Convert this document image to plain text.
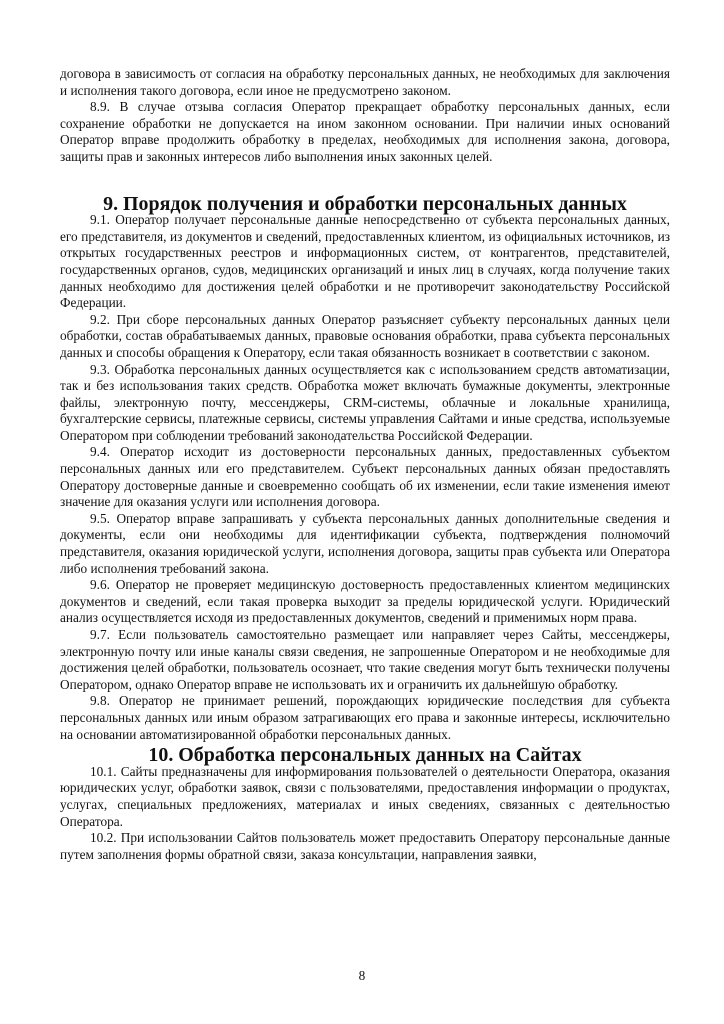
договора в зависимость от согласия на обработку персональных данных, не необходимых для заключения и исполнения такого договора, если иное не предусмотрено законом.

8.9. В случае отзыва согласия Оператор прекращает обработку персональных данных, если сохранение обработки не допускается на ином законном основании. При наличии иных оснований Оператор вправе продолжить обработку в пределах, необходимых для исполнения закона, договора, защиты прав и законных интересов либо выполнения иных законных целей.

9. Порядок получения и обработки персональных данных

9.1. Оператор получает персональные данные непосредственно от субъекта персональных данных, его представителя, из документов и сведений, предоставленных клиентом, из официальных источников, из открытых государственных реестров и информационных систем, от контрагентов, представителей, государственных органов, судов, медицинских организаций и иных лиц в случаях, когда получение таких данных необходимо для достижения целей обработки и не противоречит законодательству Российской Федерации.

9.2. При сборе персональных данных Оператор разъясняет субъекту персональных данных цели обработки, состав обрабатываемых данных, правовые основания обработки, права субъекта персональных данных и способы обращения к Оператору, если такая обязанность возникает в соответствии с законом.

9.3. Обработка персональных данных осуществляется как с использованием средств автоматизации, так и без использования таких средств. Обработка может включать бумажные документы, электронные файлы, электронную почту, мессенджеры, CRM-системы, облачные и локальные хранилища, бухгалтерские сервисы, платежные сервисы, системы управления Сайтами и иные средства, используемые Оператором при соблюдении требований законодательства Российской Федерации.

9.4. Оператор исходит из достоверности персональных данных, предоставленных субъектом персональных данных или его представителем. Субъект персональных данных обязан предоставлять Оператору достоверные данные и своевременно сообщать об их изменении, если такие изменения имеют значение для оказания услуги или исполнения договора.

9.5. Оператор вправе запрашивать у субъекта персональных данных дополнительные сведения и документы, если они необходимы для идентификации субъекта, подтверждения полномочий представителя, оказания юридической услуги, исполнения договора, защиты прав субъекта или Оператора либо исполнения требований закона.

9.6. Оператор не проверяет медицинскую достоверность предоставленных клиентом медицинских документов и сведений, если такая проверка выходит за пределы юридической услуги. Юридический анализ осуществляется исходя из предоставленных документов, сведений и применимых норм права.

9.7. Если пользователь самостоятельно размещает или направляет через Сайты, мессенджеры, электронную почту или иные каналы связи сведения, не запрошенные Оператором и не необходимые для достижения целей обработки, пользователь осознает, что такие сведения могут быть технически получены Оператором, однако Оператор вправе не использовать их и ограничить их дальнейшую обработку.

9.8. Оператор не принимает решений, порождающих юридические последствия для субъекта персональных данных или иным образом затрагивающих его права и законные интересы, исключительно на основании автоматизированной обработки персональных данных.

10. Обработка персональных данных на Сайтах

10.1. Сайты предназначены для информирования пользователей о деятельности Оператора, оказания юридических услуг, обработки заявок, связи с пользователями, предоставления информации о продуктах, услугах, специальных предложениях, материалах и иных сведениях, связанных с деятельностью Оператора.

10.2. При использовании Сайтов пользователь может предоставить Оператору персональные данные путем заполнения формы обратной связи, заказа консультации, направления заявки,

8
